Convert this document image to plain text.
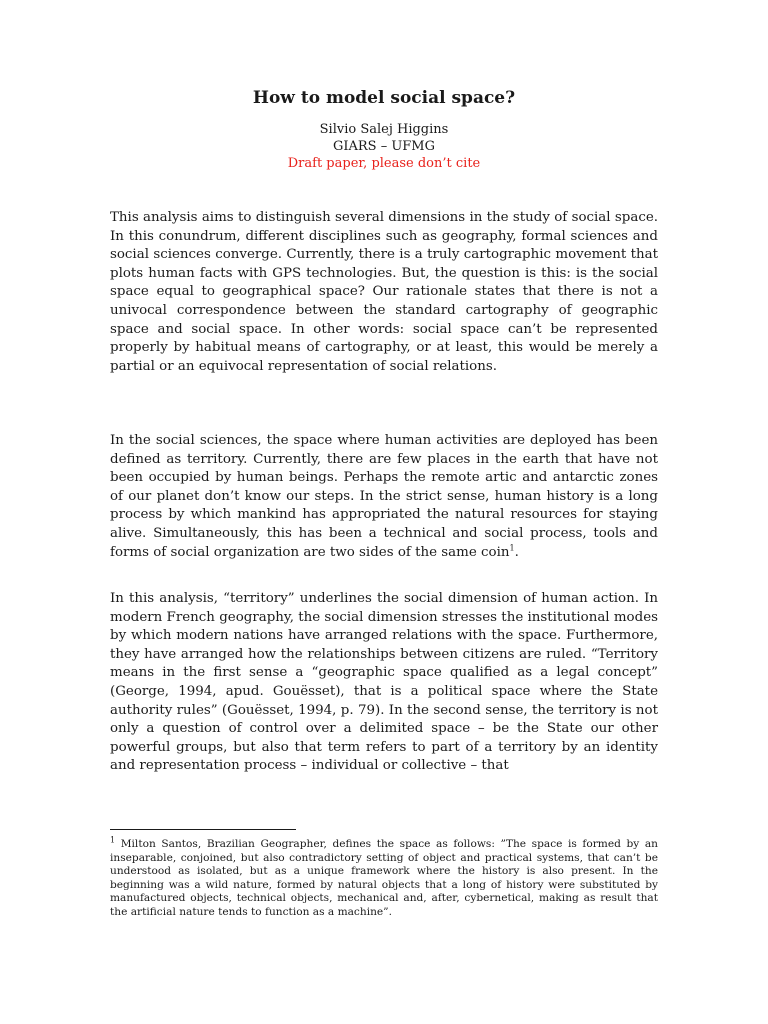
How to model social space?

Silvio Salej Higgins

GIARS – UFMG

Draft paper, please don’t cite

This analysis aims to distinguish several dimensions in the study of social space. In this conundrum, different disciplines such as geography, formal sciences and social sciences converge. Currently, there is a truly cartographic movement that plots human facts with GPS technologies. But, the question is this: is the social space equal to geographical space? Our rationale states that there is not a univocal correspondence between the standard cartography of geographic space and social space. In other words: social space can’t be represented properly by habitual means of cartography, or at least, this would be merely a partial or an equivocal representation of social relations.

In the social sciences, the space where human activities are deployed has been defined as territory. Currently, there are few places in the earth that have not been occupied by human beings. Perhaps the remote artic and antarctic zones of our planet don’t know our steps. In the strict sense, human history is a long process by which mankind has appropriated the natural resources for staying alive. Simultaneously, this has been a technical and social process, tools and forms of social organization are two sides of the same coin$^1$.

In this analysis, “territory” underlines the social dimension of human action. In modern French geography, the social dimension stresses the institutional modes by which modern nations have arranged relations with the space. Furthermore, they have arranged how the relationships between citizens are ruled. “Territory means in the first sense a “geographic space qualified as a legal concept” (George, 1994, apud. Gouësset), that is a political space where the State authority rules” (Gouësset, 1994, p. 79). In the second sense, the territory is not only a question of control over a delimited space – be the State our other powerful groups, but also that term refers to part of a territory by an identity and representation process – individual or collective – that

$^1$ Milton Santos, Brazilian Geographer, defines the space as follows: ”The space is formed by an inseparable, conjoined, but also contradictory setting of object and practical systems, that can’t be understood as isolated, but as a unique framework where the history is also present. In the beginning was a wild nature, formed by natural objects that a long of history were substituted by manufactured objects, technical objects, mechanical and, after, cybernetical, making as result that the artificial nature tends to function as a machine”.
